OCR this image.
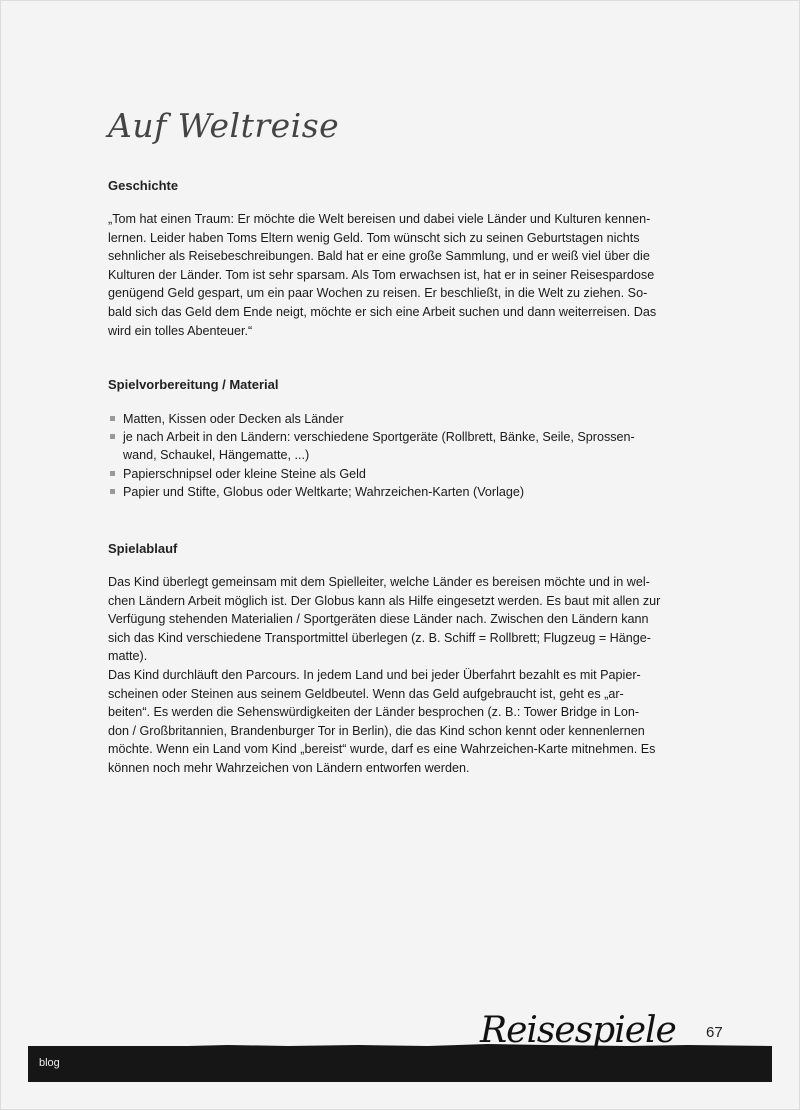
Auf Weltreise
Geschichte
„Tom hat einen Traum: Er möchte die Welt bereisen und dabei viele Länder und Kulturen kennen-
lernen. Leider haben Toms Eltern wenig Geld. Tom wünscht sich zu seinen Geburtstagen nichts
sehnlicher als Reisebeschreibungen. Bald hat er eine große Sammlung, und er weiß viel über die
Kulturen der Länder. Tom ist sehr sparsam. Als Tom erwachsen ist, hat er in seiner Reisespardose
genügend Geld gespart, um ein paar Wochen zu reisen. Er beschließt, in die Welt zu ziehen. So-
bald sich das Geld dem Ende neigt, möchte er sich eine Arbeit suchen und dann weiterreisen. Das
wird ein tolles Abenteuer.“
Spielvorbereitung / Material
Matten, Kissen oder Decken als Länder
je nach Arbeit in den Ländern: verschiedene Sportgeräte (Rollbrett, Bänke, Seile, Sprossen-
wand, Schaukel, Hängematte, ...)
Papierschnipsel oder kleine Steine als Geld
Papier und Stifte, Globus oder Weltkarte; Wahrzeichen-Karten (Vorlage)
Spielablauf
Das Kind überlegt gemeinsam mit dem Spielleiter, welche Länder es bereisen möchte und in wel-
chen Ländern Arbeit möglich ist. Der Globus kann als Hilfe eingesetzt werden. Es baut mit allen zur
Verfügung stehenden Materialien / Sportgeräten diese Länder nach. Zwischen den Ländern kann
sich das Kind verschiedene Transportmittel überlegen (z. B. Schiff = Rollbrett; Flugzeug = Hänge-
matte).
Das Kind durchläuft den Parcours. In jedem Land und bei jeder Überfahrt bezahlt es mit Papier-
scheinen oder Steinen aus seinem Geldbeutel. Wenn das Geld aufgebraucht ist, geht es „ar-
beiten“. Es werden die Sehenswürdigkeiten der Länder besprochen (z. B.: Tower Bridge in Lon-
don / Großbritannien, Brandenburger Tor in Berlin), die das Kind schon kennt oder kennenlernen
möchte. Wenn ein Land vom Kind „bereist“ wurde, darf es eine Wahrzeichen-Karte mitnehmen. Es
können noch mehr Wahrzeichen von Ländern entworfen werden.
blog
Reisespiele 67
